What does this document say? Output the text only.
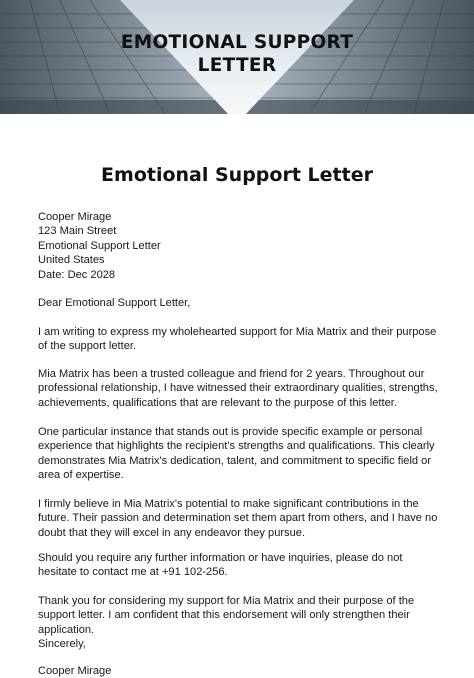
EMOTIONAL SUPPORT
LETTER
Emotional Support Letter
Cooper Mirage
123 Main Street
Emotional Support Letter
United States
Date: Dec 2028
Dear Emotional Support Letter,
I am writing to express my wholehearted support for Mia Matrix and their purpose of the support letter.
Mia Matrix has been a trusted colleague and friend for 2 years. Throughout our professional relationship, I have witnessed their extraordinary qualities, strengths, achievements, qualifications that are relevant to the purpose of this letter.
One particular instance that stands out is provide specific example or personal experience that highlights the recipient's strengths and qualifications. This clearly demonstrates Mia Matrix's dedication, talent, and commitment to specific field or area of expertise.
I firmly believe in Mia Matrix's potential to make significant contributions in the future. Their passion and determination set them apart from others, and I have no doubt that they will excel in any endeavor they pursue.
Should you require any further information or have inquiries, please do not hesitate to contact me at +91 102-256.
Thank you for considering my support for Mia Matrix and their purpose of the support letter. I am confident that this endorsement will only strengthen their application.
Sincerely,
Cooper Mirage
